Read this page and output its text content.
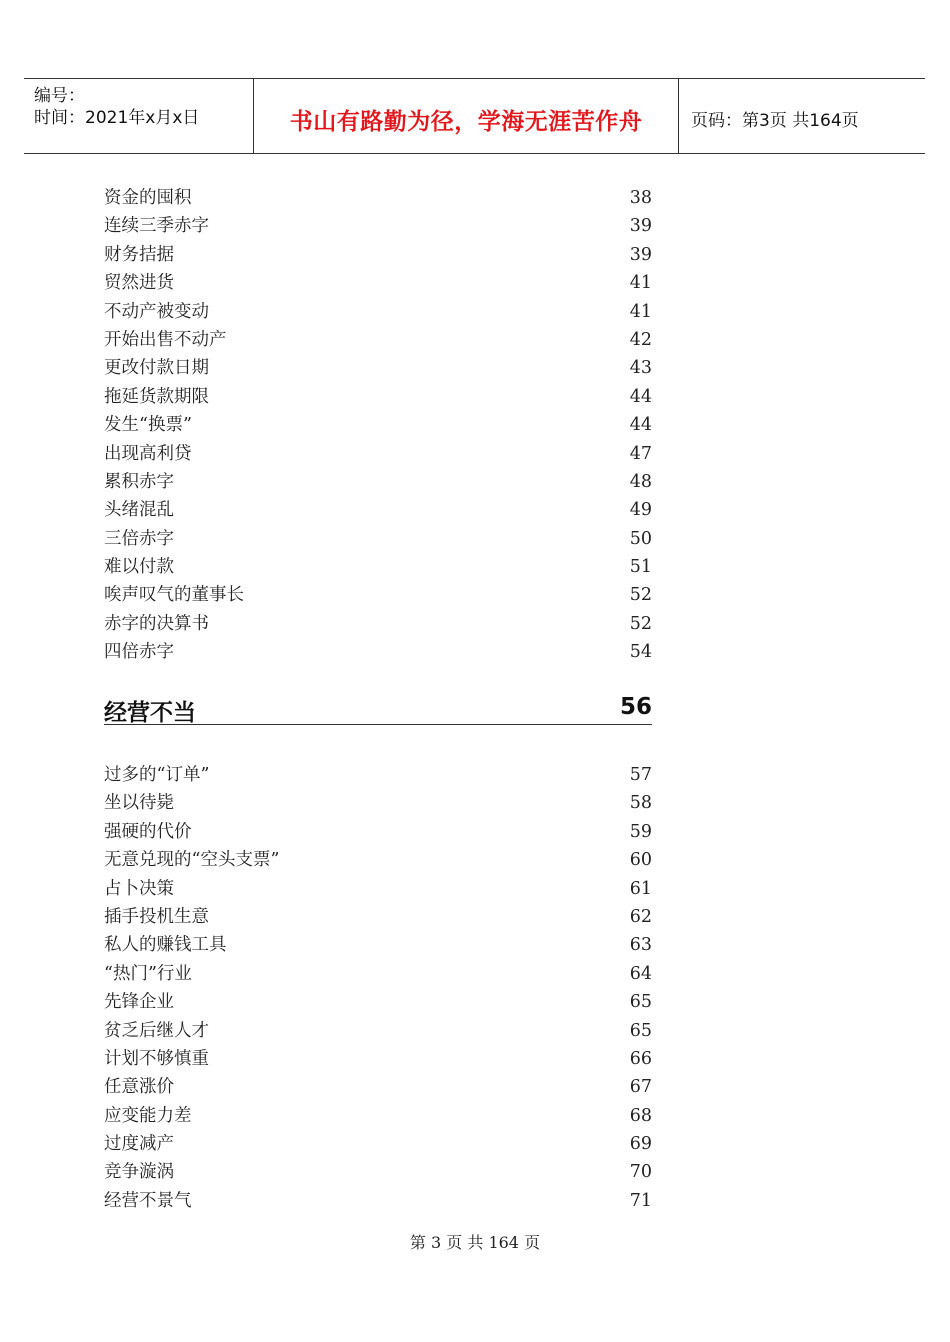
编号：
时间：2021年x月x日	书山有路勤为径，学海无涯苦作舟	页码：第3页 共164页
资金的囤积	38
连续三季赤字	39
财务拮据	39
贸然进货	41
不动产被变动	41
开始出售不动产	42
更改付款日期	43
拖延货款期限	44
发生“换票”	44
出现高利贷	47
累积赤字	48
头绪混乱	49
三倍赤字	50
难以付款	51
唉声叹气的董事长	52
赤字的决算书	52
四倍赤字	54
经营不当	56
过多的“订单”	57
坐以待毙	58
强硬的代价	59
无意兑现的“空头支票”	60
占卜决策	61
插手投机生意	62
私人的赚钱工具	63
“热门”行业	64
先锋企业	65
贫乏后继人才	65
计划不够慎重	66
任意涨价	67
应变能力差	68
过度减产	69
竞争漩涡	70
经营不景气	71
第 3 页 共 164 页
